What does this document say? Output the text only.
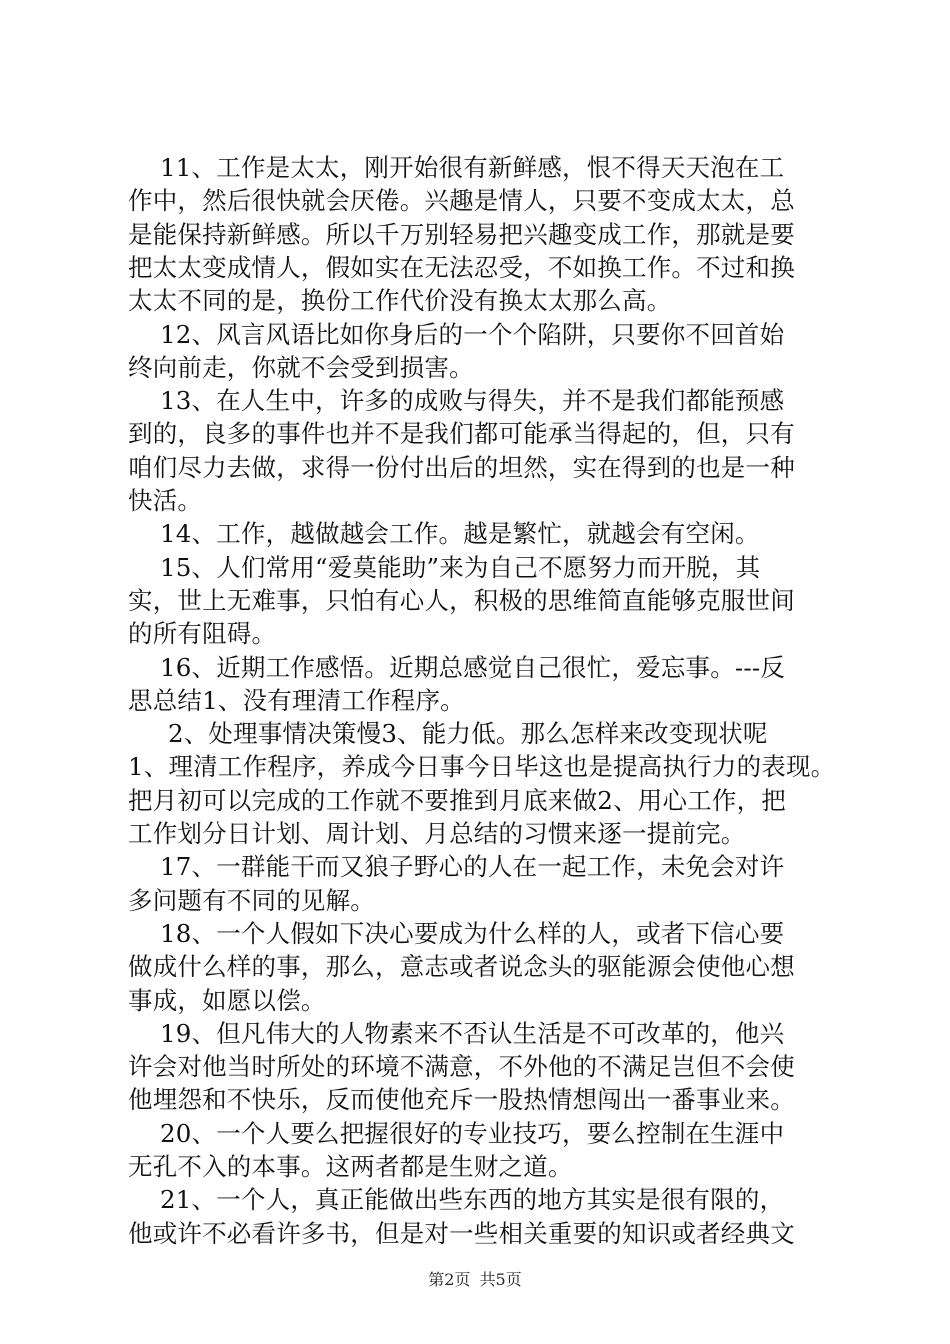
11、工作是太太，刚开始很有新鲜感，恨不得天天泡在工
作中，然后很快就会厌倦。兴趣是情人，只要不变成太太，总
是能保持新鲜感。所以千万别轻易把兴趣变成工作，那就是要
把太太变成情人，假如实在无法忍受，不如换工作。不过和换
太太不同的是，换份工作代价没有换太太那么高。
12、风言风语比如你身后的一个个陷阱，只要你不回首始
终向前走，你就不会受到损害。
13、在人生中，许多的成败与得失，并不是我们都能预感
到的，良多的事件也并不是我们都可能承当得起的，但，只有
咱们尽力去做，求得一份付出后的坦然，实在得到的也是一种
快活。
14、工作，越做越会工作。越是繁忙，就越会有空闲。
15、人们常用“爱莫能助”来为自己不愿努力而开脱，其
实，世上无难事，只怕有心人，积极的思维简直能够克服世间
的所有阻碍。
16、近期工作感悟。近期总感觉自己很忙，爱忘事。---反
思总结1、没有理清工作程序。
2、处理事情决策慢3、能力低。那么怎样来改变现状呢
1、理清工作程序，养成今日事今日毕这也是提高执行力的表现。
把月初可以完成的工作就不要推到月底来做2、用心工作，把
工作划分日计划、周计划、月总结的习惯来逐一提前完。
17、一群能干而又狼子野心的人在一起工作，未免会对许
多问题有不同的见解。
18、一个人假如下决心要成为什么样的人，或者下信心要
做成什么样的事，那么，意志或者说念头的驱能源会使他心想
事成，如愿以偿。
19、但凡伟大的人物素来不否认生活是不可改革的，他兴
许会对他当时所处的环境不满意，不外他的不满足岂但不会使
他埋怨和不快乐，反而使他充斥一股热情想闯出一番事业来。
20、一个人要么把握很好的专业技巧，要么控制在生涯中
无孔不入的本事。这两者都是生财之道。
21、一个人，真正能做出些东西的地方其实是很有限的，
他或许不必看许多书，但是对一些相关重要的知识或者经典文
第2页 共5页
